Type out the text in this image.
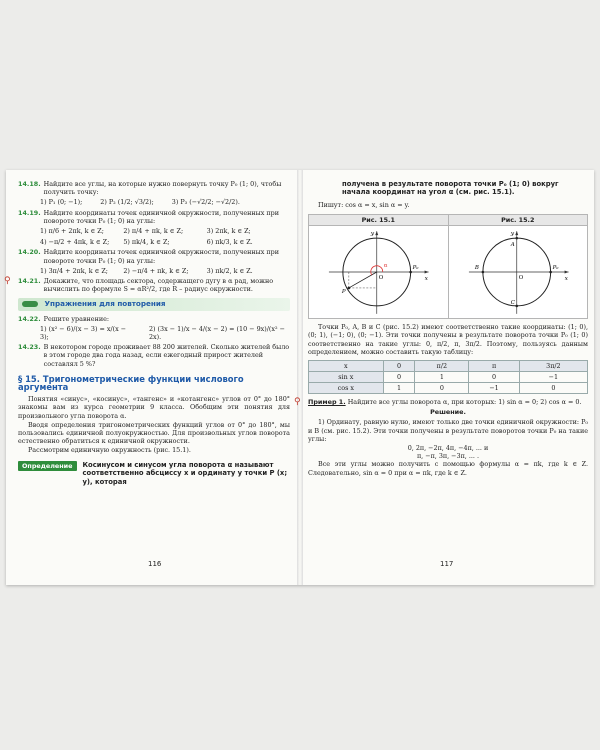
14.18. Найдите все углы, на которые нужно повернуть точку P₀ (1; 0), чтобы получить точку:
1) P₁ (0; −1);	2) P₂ (1/2; √3/2);	3) P₃ (−√2/2; −√2/2).
14.19. Найдите координаты точек единичной окружности, полученных при повороте точки P₀ (1; 0) на углы:
1) π/6 + 2πk, k ∈ Z;	2) π/4 + πk, k ∈ Z;	3) 2πk, k ∈ Z;
4) −π/2 + 4πk, k ∈ Z;	5) πk/4, k ∈ Z;	6) πk/3, k ∈ Z.
14.20. Найдите координаты точек единичной окружности, полученных при повороте точки P₀ (1; 0) на углы:
1) 3π/4 + 2πk, k ∈ Z;	2) −π/4 + πk, k ∈ Z;	3) πk/2, k ∈ Z.
⚲	14.21. Докажите, что площадь сектора, содержащего дугу в α рад, можно вычислить по формуле S = αR²/2, где R – радиус окружности.
Упражнения для повторения
14.22. Решите уравнение:
1) (x² − 6)/(x − 3) = x/(x − 3);
2) (3x − 1)/x − 4/(x − 2) = (10 − 9x)/(x² − 2x).
14.23. В некотором городе проживает 88 200 жителей. Сколько жителей было в этом городе два года назад, если ежегодный прирост жителей составлял 5 %?
§ 15. Тригонометрические функции числового аргумента

Понятия «синус», «косинус», «тангенс» и «котангенс» углов от 0° до 180° знакомы вам из курса геометрии 9 класса. Обобщим эти понятия для произвольного угла поворота α.

Вводя определения тригонометрических функций углов от 0° до 180°, мы пользовались единичной полуокружностью. Для произвольных углов поворота естественно обратиться к единичной окружности.

Рассмотрим единичную окружность (рис. 15.1).

Определение	Косинусом и синусом угла поворота α называют соответственно абсциссу x и ординату y точки P (x; y), которая
116
получена в результате поворота точки P₀ (1; 0) вокруг начала координат на угол α (см. рис. 15.1).
Пишут: cos α = x, sin α = y.
Рис. 15.1	Рис. 15.2
y
x
O
P₀
P
α
y
x
O
P₀
A
B
C

Точки P₀, A, B и C (рис. 15.2) имеют соответственно такие координаты: (1; 0), (0; 1), (−1; 0), (0; −1). Эти точки получены в результате поворота точки P₀ (1; 0) соответственно на такие углы: 0, π/2, π, 3π/2. Поэтому, пользуясь данным определением, можно составить такую таблицу:

x	0	π/2	π	3π/2
sin x	0	1	0	−1
cos x	1	0	−1	0
⚲	Пример 1. Найдите все углы поворота α, при которых: 1) sin α = 0; 2) cos α = 0.
Решение.

1) Ординату, равную нулю, имеют только две точки единичной окружности: P₀ и B (см. рис. 15.2). Эти точки получены в результате поворотов точки P₀ на такие углы:

0, 2π, −2π, 4π, −4π, ... и
π, −π, 3π, −3π, ... .

Все эти углы можно получить с помощью формулы α = πk, где k ∈ Z. Следовательно, sin α = 0 при α = πk, где k ∈ Z.

117
